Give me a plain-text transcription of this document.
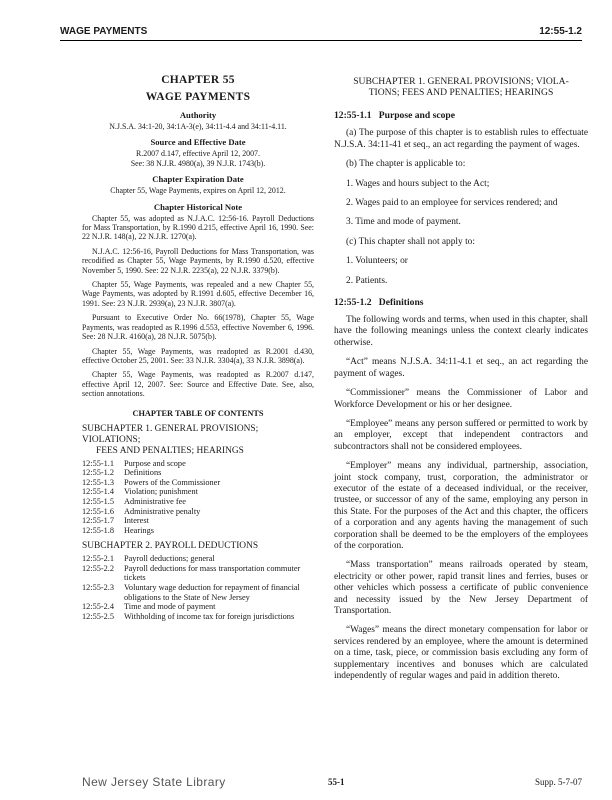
WAGE PAYMENTS	12:55-1.2
CHAPTER 55
WAGE PAYMENTS
Authority

N.J.S.A. 34:1-20, 34:1A-3(e), 34:11-4.4 and 34:11-4.11.

Source and Effective Date

R.2007 d.147, effective April 12, 2007.

See: 38 N.J.R. 4980(a), 39 N.J.R. 1743(b).

Chapter Expiration Date

Chapter 55, Wage Payments, expires on April 12, 2012.

Chapter Historical Note

Chapter 55, was adopted as N.J.A.C. 12:56-16. Payroll Deductions for Mass Transportation, by R.1990 d.215, effective April 16, 1990. See: 22 N.J.R. 148(a), 22 N.J.R. 1270(a).

N.J.A.C. 12:56-16, Payroll Deductions for Mass Transportation, was recodified as Chapter 55, Wage Payments, by R.1990 d.520, effective November 5, 1990. See: 22 N.J.R. 2235(a), 22 N.J.R. 3379(b).

Chapter 55, Wage Payments, was repealed and a new Chapter 55, Wage Payments, was adopted by R.1991 d.605, effective December 16, 1991. See: 23 N.J.R. 2939(a), 23 N.J.R. 3807(a).

Pursuant to Executive Order No. 66(1978), Chapter 55, Wage Payments, was readopted as R.1996 d.553, effective November 6, 1996. See: 28 N.J.R. 4160(a), 28 N.J.R. 5075(b).

Chapter 55, Wage Payments, was readopted as R.2001 d.430, effective October 25, 2001. See: 33 N.J.R. 3304(a), 33 N.J.R. 3898(a).

Chapter 55, Wage Payments, was readopted as R.2007 d.147, effective April 12, 2007. See: Source and Effective Date. See, also, section annotations.

CHAPTER TABLE OF CONTENTS
SUBCHAPTER 1. GENERAL PROVISIONS; VIOLATIONS;
FEES AND PENALTIES; HEARINGS
12:55-1.1	Purpose and scope
12:55-1.2	Definitions
12:55-1.3	Powers of the Commissioner
12:55-1.4	Violation; punishment
12:55-1.5	Administrative fee
12:55-1.6	Administrative penalty
12:55-1.7	Interest
12:55-1.8	Hearings
SUBCHAPTER 2. PAYROLL DEDUCTIONS
12:55-2.1	Payroll deductions; general
12:55-2.2	Payroll deductions for mass transportation commuter tickets
12:55-2.3	Voluntary wage deduction for repayment of financial obligations to the State of New Jersey
12:55-2.4	Time and mode of payment
12:55-2.5	Withholding of income tax for foreign jurisdictions
SUBCHAPTER 1. GENERAL PROVISIONS; VIOLA-
TIONS; FEES AND PENALTIES; HEARINGS
12:55-1.1   Purpose and scope

(a) The purpose of this chapter is to establish rules to effectuate N.J.S.A. 34:11-41 et seq., an act regarding the payment of wages.

(b) The chapter is applicable to:

1. Wages and hours subject to the Act;

2. Wages paid to an employee for services rendered; and

3. Time and mode of payment.

(c) This chapter shall not apply to:

1. Volunteers; or

2. Patients.

12:55-1.2   Definitions

The following words and terms, when used in this chapter, shall have the following meanings unless the context clearly indicates otherwise.

“Act” means N.J.S.A. 34:11-4.1 et seq., an act regarding the payment of wages.

“Commissioner” means the Commissioner of Labor and Workforce Development or his or her designee.

“Employee” means any person suffered or permitted to work by an employer, except that independent contractors and subcontractors shall not be considered employees.

“Employer” means any individual, partnership, association, joint stock company, trust, corporation, the administrator or executor of the estate of a deceased individual, or the receiver, trustee, or successor of any of the same, employing any person in this State. For the purposes of the Act and this chapter, the officers of a corporation and any agents having the management of such corporation shall be deemed to be the employers of the employees of the corporation.

“Mass transportation” means railroads operated by steam, electricity or other power, rapid transit lines and ferries, buses or other vehicles which possess a certificate of public convenience and necessity issued by the New Jersey Department of Transportation.

“Wages” means the direct monetary compensation for labor or services rendered by an employee, where the amount is determined on a time, task, piece, or commission basis excluding any form of supplementary incentives and bonuses which are calculated independently of regular wages and paid in addition thereto.

New Jersey State Library	55-1	Supp. 5-7-07
